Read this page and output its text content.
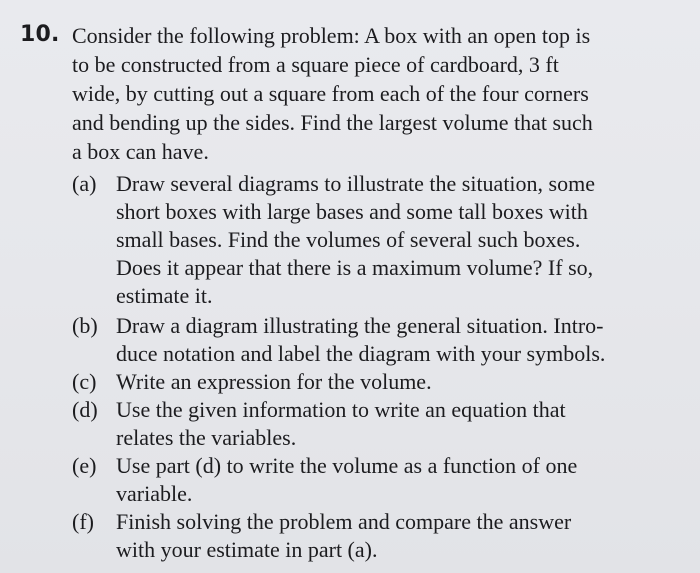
10. Consider the following problem: A box with an open top is
to be constructed from a square piece of cardboard, 3 ft
wide, by cutting out a square from each of the four corners
and bending up the sides. Find the largest volume that such
a box can have.
(a) Draw several diagrams to illustrate the situation, some
short boxes with large bases and some tall boxes with
small bases. Find the volumes of several such boxes.
Does it appear that there is a maximum volume? If so,
estimate it.
(b) Draw a diagram illustrating the general situation. Intro-
duce notation and label the diagram with your symbols.
(c) Write an expression for the volume.
(d) Use the given information to write an equation that
relates the variables.
(e) Use part (d) to write the volume as a function of one
variable.
(f) Finish solving the problem and compare the answer
with your estimate in part (a).
